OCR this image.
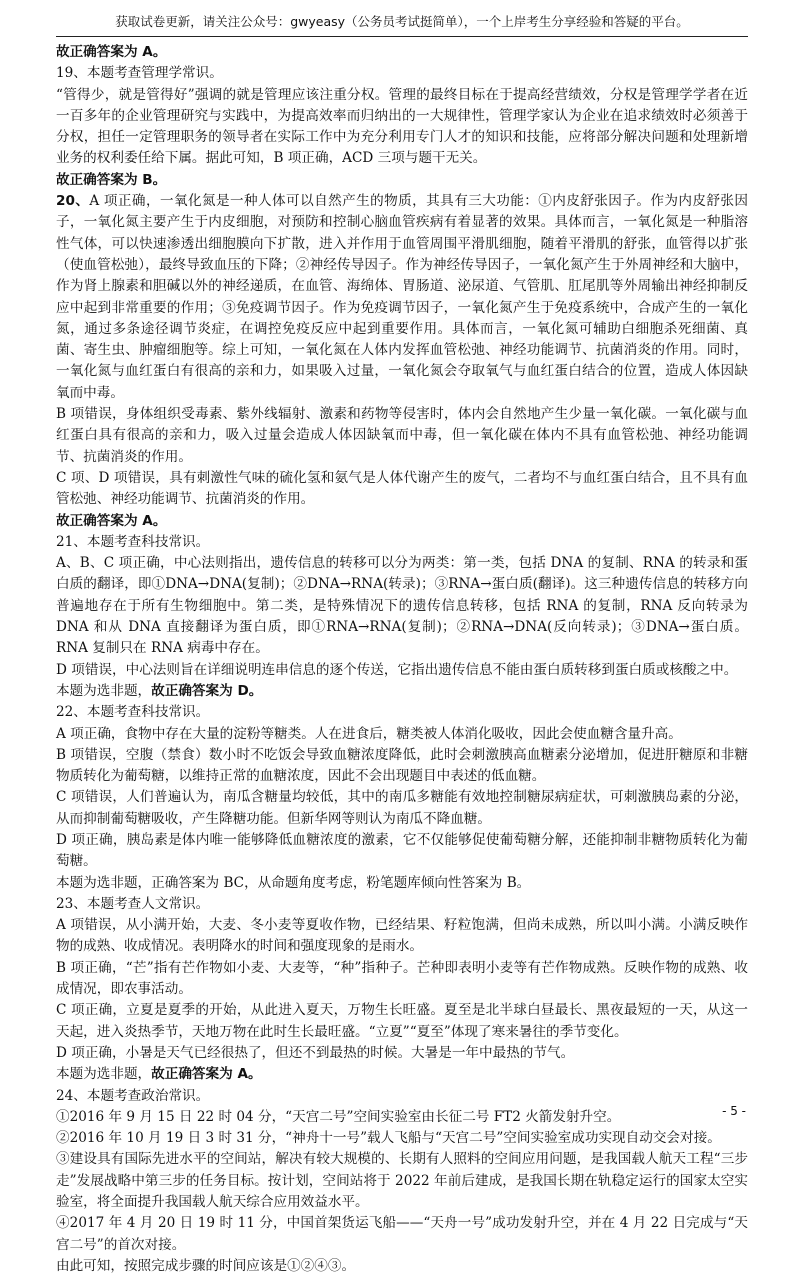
获取试卷更新，请关注公众号：gwyeasy（公务员考试挺简单），一个上岸考生分享经验和答疑的平台。

故正确答案为 A。

19、本题考查管理学常识。

“管得少，就是管得好”强调的就是管理应该注重分权。管理的最终目标在于提高经营绩效，分权是管理学学者在近一百多年的企业管理研究与实践中，为提高效率而归纳出的一大规律性，管理学家认为企业在追求绩效时必须善于分权，担任一定管理职务的领导者在实际工作中为充分利用专门人才的知识和技能，应将部分解决问题和处理新增业务的权利委任给下属。据此可知，B 项正确，ACD 三项与题干无关。

故正确答案为 B。

20、A 项正确，一氧化氮是一种人体可以自然产生的物质，其具有三大功能：①内皮舒张因子。作为内皮舒张因子，一氧化氮主要产生于内皮细胞，对预防和控制心脑血管疾病有着显著的效果。具体而言，一氧化氮是一种脂溶性气体，可以快速渗透出细胞膜向下扩散，进入并作用于血管周围平滑肌细胞，随着平滑肌的舒张，血管得以扩张（使血管松弛），最终导致血压的下降；②神经传导因子。作为神经传导因子，一氧化氮产生于外周神经和大脑中，作为肾上腺素和胆碱以外的神经递质，在血管、海绵体、胃肠道、泌尿道、气管肌、肛尾肌等外周输出神经抑制反应中起到非常重要的作用；③免疫调节因子。作为免疫调节因子，一氧化氮产生于免疫系统中，合成产生的一氧化氮，通过多条途径调节炎症，在调控免疫反应中起到重要作用。具体而言，一氧化氮可辅助白细胞杀死细菌、真菌、寄生虫、肿瘤细胞等。综上可知，一氧化氮在人体内发挥血管松弛、神经功能调节、抗菌消炎的作用。同时，一氧化氮与血红蛋白有很高的亲和力，如果吸入过量，一氧化氮会夺取氧气与血红蛋白结合的位置，造成人体因缺氧而中毒。

B 项错误，身体组织受毒素、紫外线辐射、激素和药物等侵害时，体内会自然地产生少量一氧化碳。一氧化碳与血红蛋白具有很高的亲和力，吸入过量会造成人体因缺氧而中毒，但一氧化碳在体内不具有血管松弛、神经功能调节、抗菌消炎的作用。

C 项、D 项错误，具有刺激性气味的硫化氢和氨气是人体代谢产生的废气，二者均不与血红蛋白结合，且不具有血管松弛、神经功能调节、抗菌消炎的作用。

故正确答案为 A。

21、本题考查科技常识。

A、B、C 项正确，中心法则指出，遗传信息的转移可以分为两类：第一类，包括 DNA 的复制、RNA 的转录和蛋白质的翻译，即①DNA→DNA(复制)；②DNA→RNA(转录)；③RNA→蛋白质(翻译)。这三种遗传信息的转移方向普遍地存在于所有生物细胞中。第二类，是特殊情况下的遗传信息转移，包括 RNA 的复制，RNA 反向转录为 DNA 和从 DNA 直接翻译为蛋白质，即①RNA→RNA(复制)；②RNA→DNA(反向转录)；③DNA→蛋白质。RNA 复制只在 RNA 病毒中存在。

D 项错误，中心法则旨在详细说明连串信息的逐个传送，它指出遗传信息不能由蛋白质转移到蛋白质或核酸之中。

本题为选非题，故正确答案为 D。

22、本题考查科技常识。

A 项正确，食物中存在大量的淀粉等糖类。人在进食后，糖类被人体消化吸收，因此会使血糖含量升高。

B 项错误，空腹（禁食）数小时不吃饭会导致血糖浓度降低，此时会刺激胰高血糖素分泌增加，促进肝糖原和非糖物质转化为葡萄糖，以维持正常的血糖浓度，因此不会出现题目中表述的低血糖。

C 项错误，人们普遍认为，南瓜含糖量均较低，其中的南瓜多糖能有效地控制糖尿病症状，可刺激胰岛素的分泌，从而抑制葡萄糖吸收，产生降糖功能。但新华网等则认为南瓜不降血糖。

D 项正确，胰岛素是体内唯一能够降低血糖浓度的激素，它不仅能够促使葡萄糖分解，还能抑制非糖物质转化为葡萄糖。

本题为选非题，正确答案为 BC，从命题角度考虑，粉笔题库倾向性答案为 B。

23、本题考查人文常识。

A 项错误，从小满开始，大麦、冬小麦等夏收作物，已经结果、籽粒饱满，但尚未成熟，所以叫小满。小满反映作物的成熟、收成情况。表明降水的时间和强度现象的是雨水。

B 项正确，“芒”指有芒作物如小麦、大麦等，“种”指种子。芒种即表明小麦等有芒作物成熟。反映作物的成熟、收成情况，即农事活动。

C 项正确，立夏是夏季的开始，从此进入夏天，万物生长旺盛。夏至是北半球白昼最长、黑夜最短的一天，从这一天起，进入炎热季节，天地万物在此时生长最旺盛。“立夏”“夏至”体现了寒来暑往的季节变化。

D 项正确，小暑是天气已经很热了，但还不到最热的时候。大暑是一年中最热的节气。

本题为选非题，故正确答案为 A。

24、本题考查政治常识。

①2016 年 9 月 15 日 22 时 04 分，“天宫二号”空间实验室由长征二号 FT2 火箭发射升空。

②2016 年 10 月 19 日 3 时 31 分，“神舟十一号”载人飞船与“天宫二号”空间实验室成功实现自动交会对接。

③建设具有国际先进水平的空间站，解决有较大规模的、长期有人照料的空间应用问题，是我国载人航天工程“三步走”发展战略中第三步的任务目标。按计划，空间站将于 2022 年前后建成，是我国长期在轨稳定运行的国家太空实验室，将全面提升我国载人航天综合应用效益水平。

④2017 年 4 月 20 日 19 时 11 分，中国首架货运飞船——“天舟一号”成功发射升空，并在 4 月 22 日完成与“天宫二号”的首次对接。

由此可知，按照完成步骤的时间应该是①②④③。

- 5 -
